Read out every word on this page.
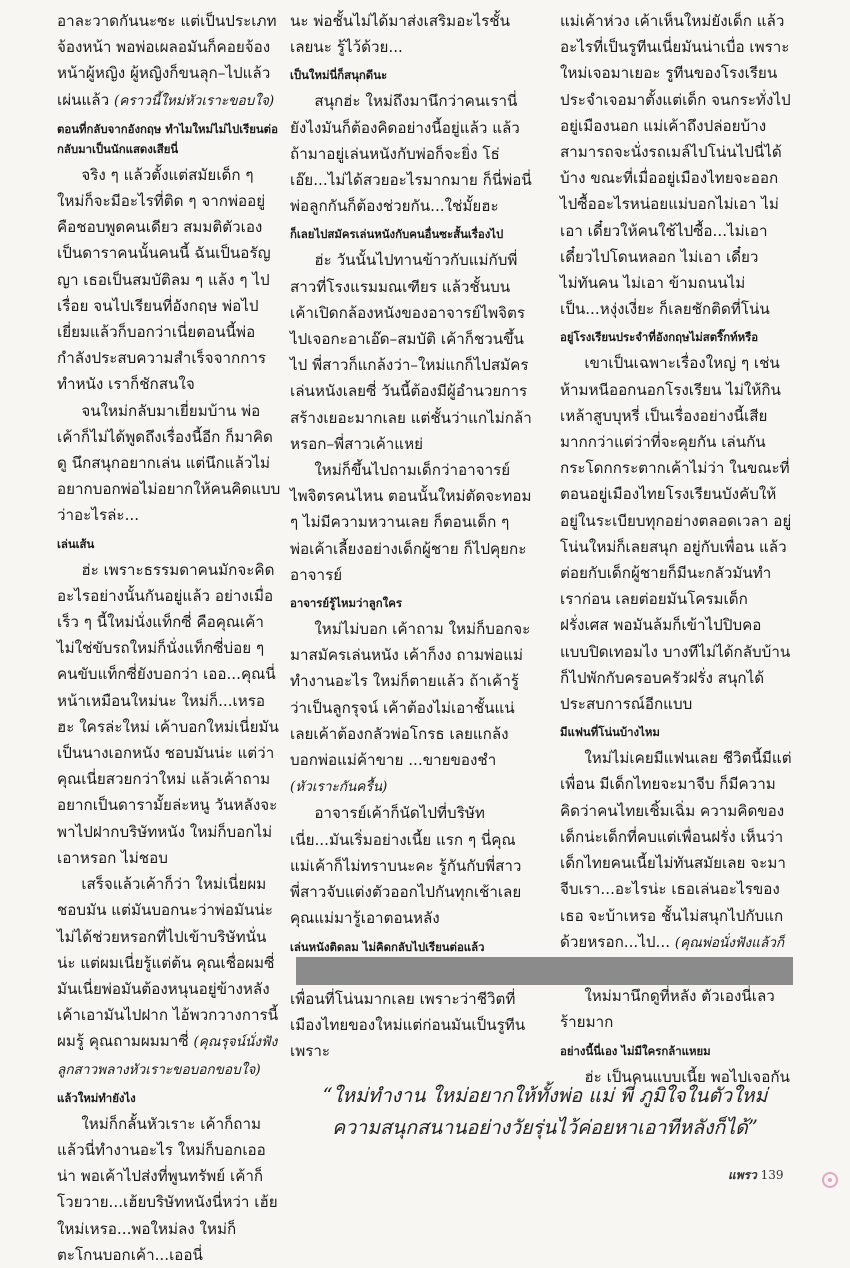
อาละวาดกันนะซะ แต่เป็นประเภทจ้องหน้า พอพ่อเผลอมันก็คอยจ้องหน้าผู้หญิง ผู้หญิงก็ขนลุก–ไปแล้ว เผ่นแล้ว (คราวนี้ใหม่หัวเราะขอบใจ)

ตอนที่กลับจากอังกฤษ ทำไมใหม่ไม่ไปเรียนต่อกลับมาเป็นนักแสดงเสียนี่

จริง ๆ แล้วตั้งแต่สมัยเด็ก ๆ ใหม่ก็จะมีอะไรที่ติด ๆ จากพ่ออยู่ คือชอบพูดคนเดียว สมมติตัวเองเป็นดาราคนนั้นคนนี้ ฉันเป็นอรัญญา เธอเป็นสมบัติลม ๆ แล้ง ๆ ไปเรื่อย จนไปเรียนที่อังกฤษ พ่อไปเยี่ยมแล้วก็บอกว่าเนี่ยตอนนี้พ่อกำลังประสบความสำเร็จจากการทำหนัง เราก็ชักสนใจ

จนใหม่กลับมาเยี่ยมบ้าน พ่อเค้าก็ไม่ได้พูดถึงเรื่องนี้อีก ก็มาคิดดู นึกสนุกอยากเล่น แต่นึกแล้วไม่อยากบอกพ่อไม่อยากให้คนคิดแบบว่าอะไรล่ะ...

เล่นเส้น

ฮ่ะ เพราะธรรมดาคนมักจะคิดอะไรอย่างนั้นกันอยู่แล้ว อย่างเมื่อเร็ว ๆ นี้ใหม่นั่งแท็กซี่ คือคุณเค้าไม่ใช่ขับรถใหม่ก็นั่งแท็กซี่บ่อย ๆ คนขับแท็กซี่ยังบอกว่า เออ...คุณนี่หน้าเหมือนใหม่นะ ใหม่ก็...เหรอฮะ ใครล่ะใหม่ เค้าบอกใหม่เนี่ยมันเป็นนางเอกหนัง ชอบมันน่ะ แต่ว่าคุณเนี่ยสวยกว่าใหม่ แล้วเค้าถามอยากเป็นดารามั้ยล่ะหนู วันหลังจะพาไปฝากบริษัทหนัง ใหม่ก็บอกไม่เอาหรอก ไม่ชอบ

เสร็จแล้วเค้าก็ว่า ใหม่เนี่ยผมชอบมัน แต่มันบอกนะว่าพ่อมันน่ะไม่ได้ช่วยหรอกที่ไปเข้าบริษัทนั่นน่ะ แต่ผมเนี่ยรู้แต่ต้น คุณเชื่อผมซี่ มันเนี่ยพ่อมันต้องหนุนอยู่ข้างหลัง เค้าเอามันไปฝาก ไอ้พวกวางการนี้ผมรู้ คุณถามผมมาซี่ (คุณรุจน์นั่งฟังลูกสาวพลางหัวเราะขอบอกขอบใจ)

แล้วใหม่ทำยังไง

ใหม่ก็กลั้นหัวเราะ เค้าก็ถาม แล้วนี่ทำงานอะไร ใหม่ก็บอกเออน่า พอเค้าไปส่งที่พูนทรัพย์ เค้าก็โวยวาย...เฮ้ยบริษัทหนังนี่หว่า เฮ้ย ใหม่เหรอ...พอใหม่ลง ใหม่ก็ตะโกนบอกเค้า...เออนี่

นะ พ่อชั้นไม่ได้มาส่งเสริมอะไรชั้นเลยนะ รู้ไว้ด้วย...

เป็นใหม่นี่ก็สนุกดีนะ

สนุกฮ่ะ ใหม่ถึงมานึกว่าคนเรานี่ยังไงมันก็ต้องคิดอย่างนี้อยู่แล้ว แล้วถ้ามาอยู่เล่นหนังกับพ่อก็จะยิ่ง โธ่เอ๊ย...ไม่ได้สวยอะไรมากมาย ก็นี่พ่อนี่ พ่อลูกกันก็ต้องช่วยกัน...ใช่มั้ยฮะ

ก็เลยไปสมัครเล่นหนังกับคนอื่นซะสั้นเรื่องไป

ฮ่ะ วันนั้นไปทานข้าวกับแม่กับพี่สาวที่โรงแรมมณเฑียร แล้วชั้นบนเค้าเปิดกล้องหนังของอาจารย์ไพจิตร ไปเจอกะอาเอ๊ด–สมบัติ เค้าก็ชวนขึ้นไป พี่สาวก็แกล้งว่า–ใหม่แกก็ไปสมัครเล่นหนังเลยซี่ วันนี้ต้องมีผู้อำนวยการสร้างเยอะมากเลย แต่ชั้นว่าแกไม่กล้าหรอก–พี่สาวเค้าแหย่

ใหม่ก็ขึ้นไปถามเด็กว่าอาจารย์ไพจิตรคนไหน ตอนนั้นใหม่ตัดจะทอม ๆ ไม่มีความหวานเลย ก็ตอนเด็ก ๆ พ่อเค้าเลี้ยงอย่างเด็กผู้ชาย ก็ไปคุยกะอาจารย์

อาจารย์รู้ไหมว่าลูกใคร

ใหม่ไม่บอก เค้าถาม ใหม่ก็บอกจะมาสมัครเล่นหนัง เค้าก็งง ถามพ่อแม่ทำงานอะไร ใหม่ก็ตายแล้ว ถ้าเค้ารู้ว่าเป็นลูกรุจน์ เค้าต้องไม่เอาชั้นแน่เลยเค้าต้องกลัวพ่อโกรธ เลยแกล้งบอกพ่อแม่ค้าขาย ...ขายของชำ (หัวเราะกันครื้น)

อาจารย์เค้าก็นัดไปที่บริษัท เนี่ย...มันเริ่มอย่างเนี้ย แรก ๆ นี่คุณแม่เค้าก็ไม่ทราบนะคะ รู้กันกับพี่สาว พี่สาวจับแต่งตัวออกไปกันทุกเช้าเลย คุณแม่มารู้เอาตอนหลัง

เล่นหนังติดลม ไม่คิดกลับไปเรียนต่อแล้ว

เพื่อนที่โน่นมากเลย เพราะว่าชีวิตที่เมืองไทยของใหม่แต่ก่อนมันเป็นรูทีน เพราะ

แม่เค้าห่วง เค้าเห็นใหม่ยังเด็ก แล้วอะไรที่เป็นรูทีนเนี่ยมันน่าเบื่อ เพราะใหม่เจอมาเยอะ รูทีนของโรงเรียนประจำเจอมาตั้งแต่เด็ก จนกระทั่งไปอยู่เมืองนอก แม่เค้าถึงปล่อยบ้าง สามารถจะนั่งรถเมล์ไปโน่นไปนี่ได้บ้าง ขณะที่เมื่ออยู่เมืองไทยจะออกไปซื้ออะไรหน่อยแม่บอกไม่เอา ไม่เอา เดี๋ยวให้คนใช้ไปซื้อ...ไม่เอา เดี๋ยวไปโดนหลอก ไม่เอา เดี๋ยวไม่ทันคน ไม่เอา ข้ามถนนไม่เป็น...หงุ่งเงี่ยะ ก็เลยชักติดที่โน่น

อยู่โรงเรียนประจำที่อังกฤษไม่สตริ๊กท์หรือ

เขาเป็นเฉพาะเรื่องใหญ่ ๆ เช่น ห้ามหนีออกนอกโรงเรียน ไม่ให้กินเหล้าสูบบุหรี่ เป็นเรื่องอย่างนี้เสียมากกว่าแต่ว่าที่จะคุยกัน เล่นกันกระโดกกระตากเค้าไม่ว่า ในขณะที่ตอนอยู่เมืองไทยโรงเรียนบังคับให้อยู่ในระเบียบทุกอย่างตลอดเวลา อยู่โน่นใหม่ก็เลยสนุก อยู่กับเพื่อน แล้วต่อยกับเด็กผู้ชายก็มีนะกลัวมันทำเราก่อน เลยต่อยมันโครมเด็กฝรั่งเศส พอมันล้มก็เข้าไปปิบคอ แบบปิดเทอมไง บางทีไม่ได้กลับบ้านก็ไปพักกับครอบครัวฝรั่ง สนุกได้ประสบการณ์อีกแบบ

มีแฟนที่โน่นบ้างไหม

ใหม่ไม่เคยมีแฟนเลย ชีวิตนี้มีแต่เพื่อน มีเด็กไทยจะมาจีบ ก็มีความคิดว่าคนไทยเชิ้มเฉิ่ม ความคิดของเด็กน่ะเด็กที่คบแต่เพื่อนฝรั่ง เห็นว่าเด็กไทยคนเนี้ยไม่ทันสมัยเลย จะมาจีบเรา...อะไรน่ะ เธอเล่นอะไรของเธอ จะบ้าเหรอ ชั้นไม่สนุกไปกับแกด้วยหรอก...ไป... (คุณพ่อนั่งฟังแล้วก็

ใหม่มานึกดูที่หลัง ตัวเองนี่เลวร้ายมาก

อย่างนี้นี่เอง ไม่มีใครกล้าแหยม

ฮ่ะ เป็นคนแบบเนี้ย พอไปเจอกัน

“ใหม่ทำงาน ใหม่อยากให้ทั้งพ่อ แม่ พี่ ภูมิใจในตัวใหม่
ความสนุกสนานอย่างวัยรุ่นไว้ค่อยหาเอาทีหลังก็ได้”
แพรว 139
